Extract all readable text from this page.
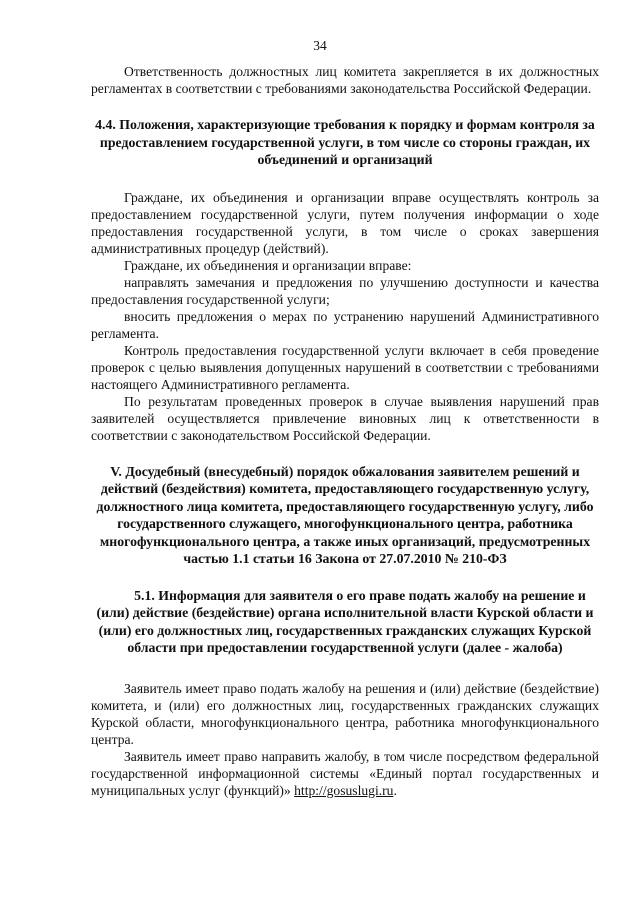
34

Ответственность должностных лиц комитета закрепляется в их должностных регламентах в соответствии с требованиями законодательства Российской Федерации.

4.4. Положения, характеризующие требования к порядку и формам контроля за предоставлением государственной услуги, в том числе со стороны граждан, их объединений и организаций

Граждане, их объединения и организации вправе осуществлять контроль за предоставлением государственной услуги, путем получения информации о ходе предоставления государственной услуги, в том числе о сроках завершения административных процедур (действий).

Граждане, их объединения и организации вправе:

направлять замечания и предложения по улучшению доступности и качества предоставления государственной услуги;

вносить предложения о мерах по устранению нарушений Административного регламента.

Контроль предоставления государственной услуги включает в себя проведение проверок с целью выявления допущенных нарушений в соответствии с требованиями настоящего Административного регламента.

По результатам проведенных проверок в случае выявления нарушений прав заявителей осуществляется привлечение виновных лиц к ответственности в соответствии с законодательством Российской Федерации.

V. Досудебный (внесудебный) порядок обжалования заявителем решений и действий (бездействия) комитета, предоставляющего государственную услугу, должностного лица комитета, предоставляющего государственную услугу, либо государственного служащего, многофункционального центра, работника многофункционального центра, а также иных организаций, предусмотренных частью 1.1 статьи 16 Закона от 27.07.2010 № 210-ФЗ

5.1. Информация для заявителя о его праве подать жалобу на решение и (или) действие (бездействие) органа исполнительной власти Курской области и (или) его должностных лиц, государственных гражданских служащих Курской области при предоставлении государственной услуги (далее - жалоба)

Заявитель имеет право подать жалобу на решения и (или) действие (бездействие) комитета, и (или) его должностных лиц, государственных гражданских служащих Курской области, многофункционального центра, работника многофункционального центра.

Заявитель имеет право направить жалобу, в том числе посредством федеральной государственной информационной системы «Единый портал государственных и муниципальных услуг (функций)» http://gosuslugi.ru.
